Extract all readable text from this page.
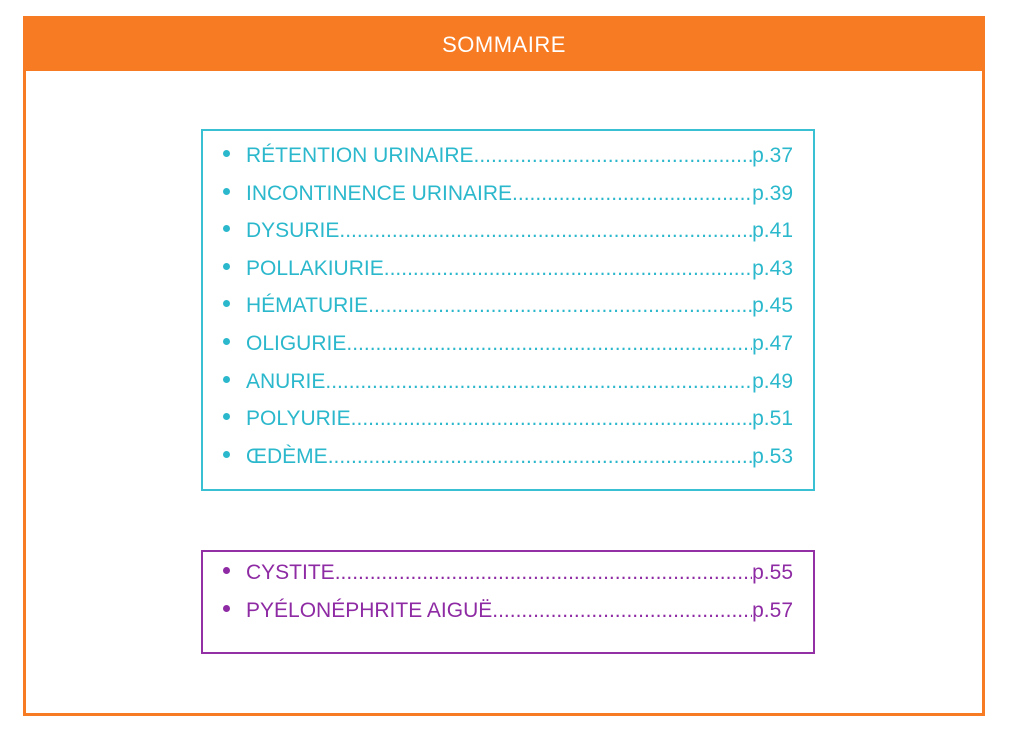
SOMMAIRE
RÉTENTION URINAIRE .....	p.37
INCONTINENCE URINAIRE .....	p.39
DYSURIE .....	p.41
POLLAKIURIE .....	p.43
HÉMATURIE .....	p.45
OLIGURIE .....	p.47
ANURIE .....	p.49
POLYURIE .....	p.51
ŒDÈME .....	p.53
CYSTITE .....	p.55
PYÉLONÉPHRITE AIGUË .....	p.57
